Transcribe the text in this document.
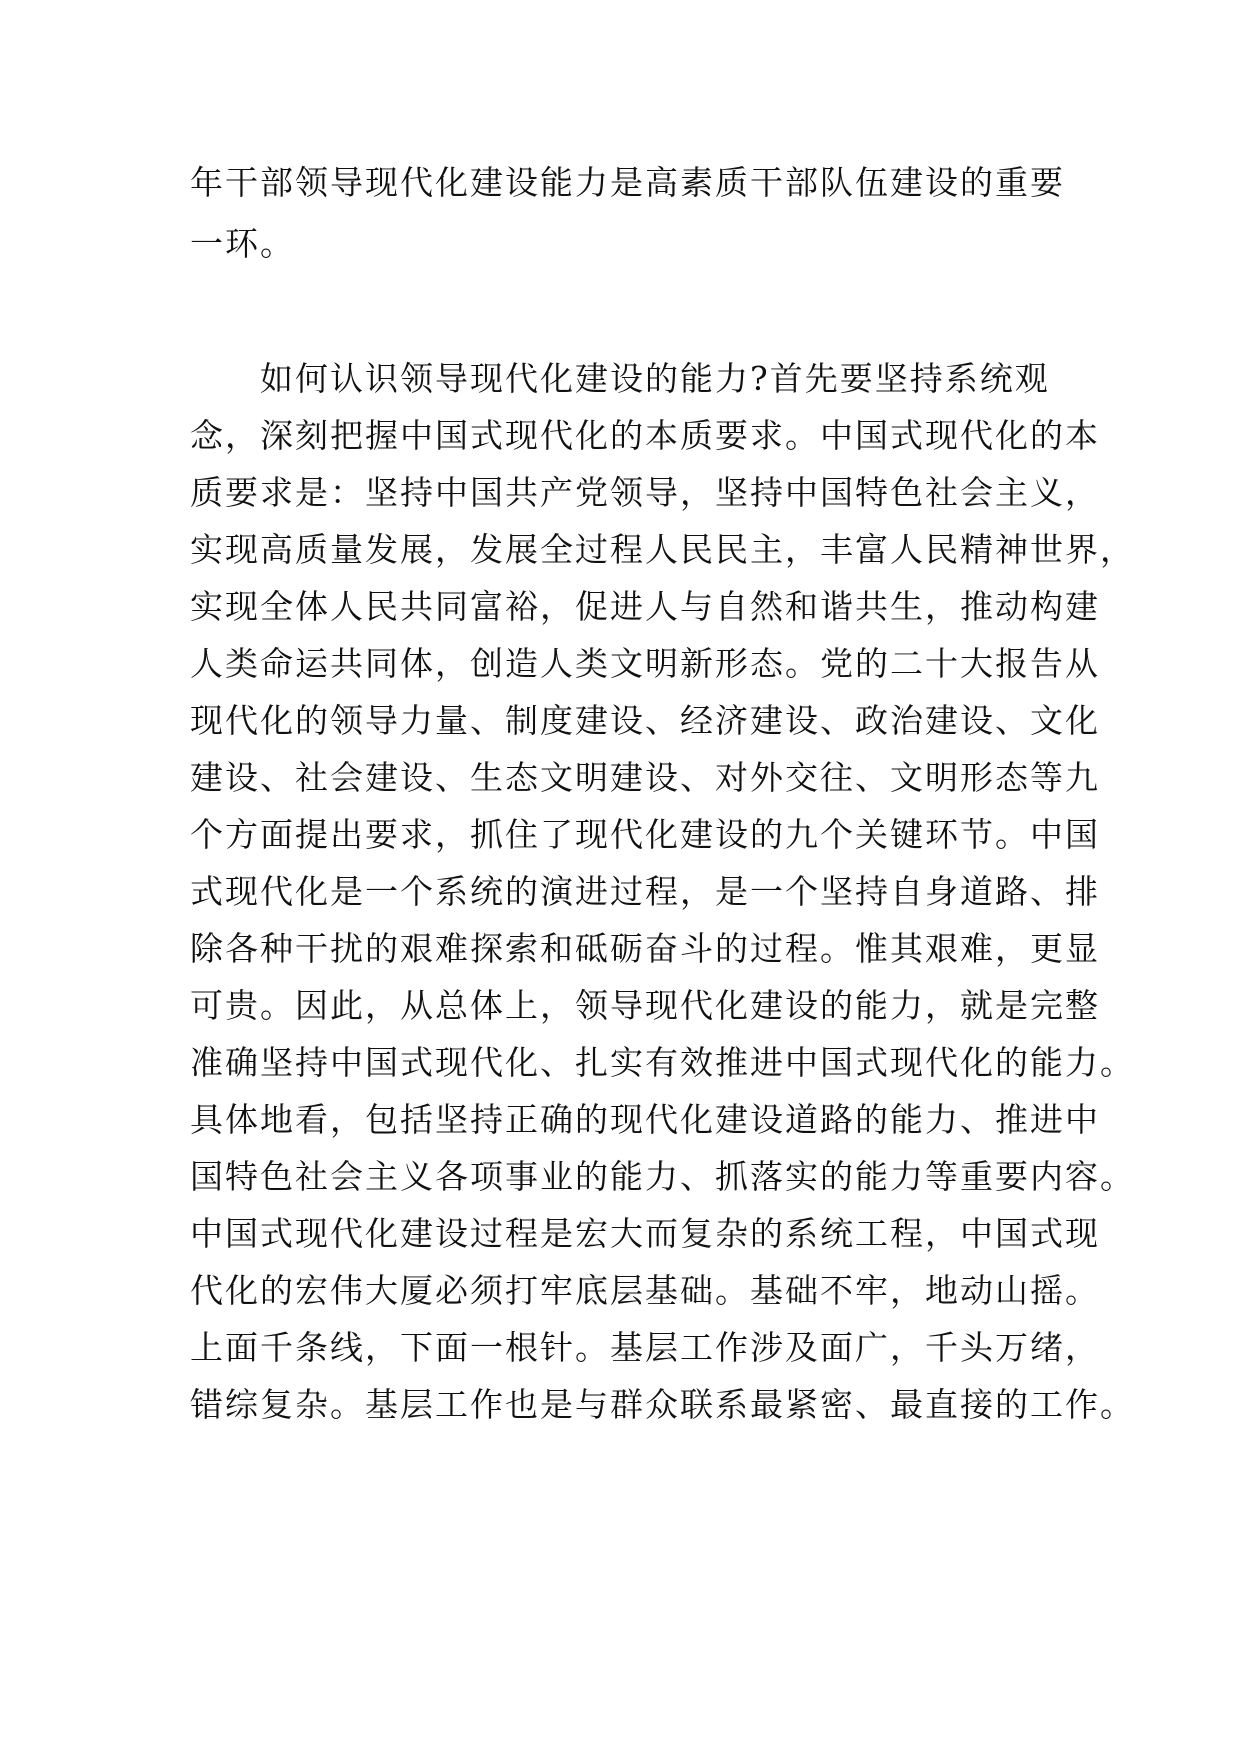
年干部领导现代化建设能力是高素质干部队伍建设的重要
一环。
　　如何认识领导现代化建设的能力?首先要坚持系统观
念，深刻把握中国式现代化的本质要求。中国式现代化的本
质要求是：坚持中国共产党领导，坚持中国特色社会主义，
实现高质量发展，发展全过程人民民主，丰富人民精神世界，
实现全体人民共同富裕，促进人与自然和谐共生，推动构建
人类命运共同体，创造人类文明新形态。党的二十大报告从
现代化的领导力量、制度建设、经济建设、政治建设、文化
建设、社会建设、生态文明建设、对外交往、文明形态等九
个方面提出要求，抓住了现代化建设的九个关键环节。中国
式现代化是一个系统的演进过程，是一个坚持自身道路、排
除各种干扰的艰难探索和砥砺奋斗的过程。惟其艰难，更显
可贵。因此，从总体上，领导现代化建设的能力，就是完整
准确坚持中国式现代化、扎实有效推进中国式现代化的能力。
具体地看，包括坚持正确的现代化建设道路的能力、推进中
国特色社会主义各项事业的能力、抓落实的能力等重要内容。
中国式现代化建设过程是宏大而复杂的系统工程，中国式现
代化的宏伟大厦必须打牢底层基础。基础不牢，地动山摇。
上面千条线，下面一根针。基层工作涉及面广，千头万绪，
错综复杂。基层工作也是与群众联系最紧密、最直接的工作。
